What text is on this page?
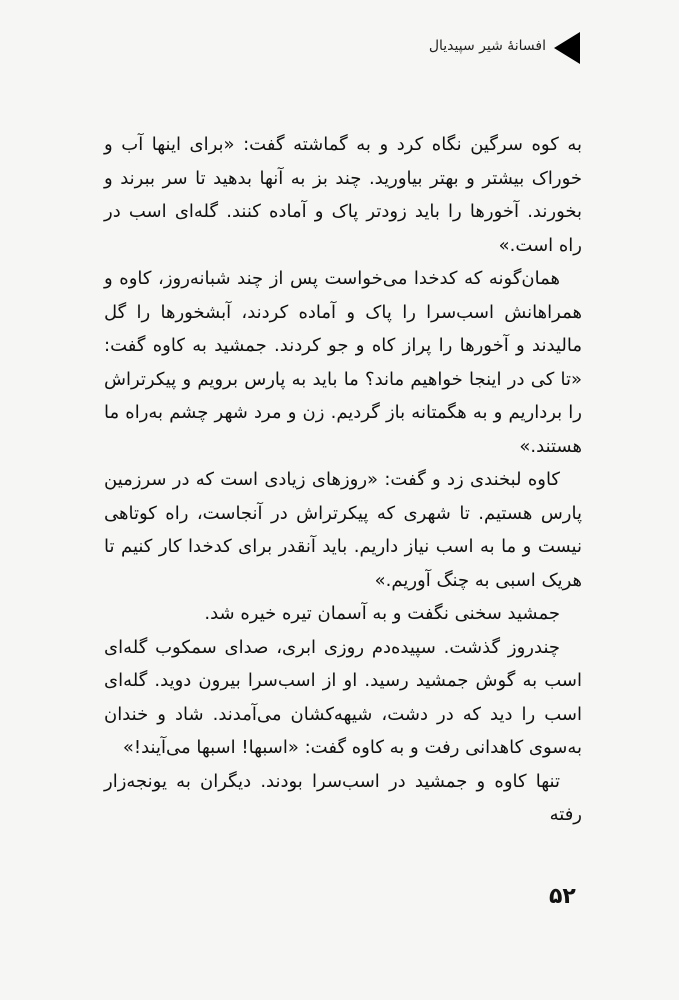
افسانهٔ شیر سپیدیال

به کوه سرگین نگاه کرد و به گماشته گفت: «برای اینها آب و خوراک بیشتر و بهتر بیاورید. چند بز به آنها بدهید تا سر ببرند و بخورند. آخورها را باید زودتر پاک و آماده کنند. گله‌ای اسب در راه است.»

همان‌گونه که کدخدا می‌خواست پس از چند شبانه‌روز، کاوه و همراهانش اسب‌سرا را پاک و آماده کردند، آبشخورها را گل مالیدند و آخورها را پراز کاه و جو کردند. جمشید به کاوه گفت: «تا کی در اینجا خواهیم ماند؟ ما باید به پارس برویم و پیکرتراش را برداریم و به هگمتانه باز گردیم. زن و مرد شهر چشم به‌راه ما هستند.»

کاوه لبخندی زد و گفت: «روزهای زیادی است که در سرزمین پارس هستیم. تا شهری که پیکرتراش در آنجاست، راه کوتاهی نیست و ما به اسب نیاز داریم. باید آنقدر برای کدخدا کار کنیم تا هریک اسبی به چنگ آوریم.»

جمشید سخنی نگفت و به آسمان تیره خیره شد.

چندروز گذشت. سپیده‌دم روزی ابری، صدای سمکوب گله‌ای اسب به گوش جمشید رسید. او از اسب‌سرا بیرون دوید. گله‌ای اسب را دید که در دشت، شیهه‌کشان می‌آمدند. شاد و خندان به‌سوی کاهدانی رفت و به کاوه گفت: «اسبها! اسبها می‌آیند!»

تنها کاوه و جمشید در اسب‌سرا بودند. دیگران به یونجه‌زار رفته

۵۲
